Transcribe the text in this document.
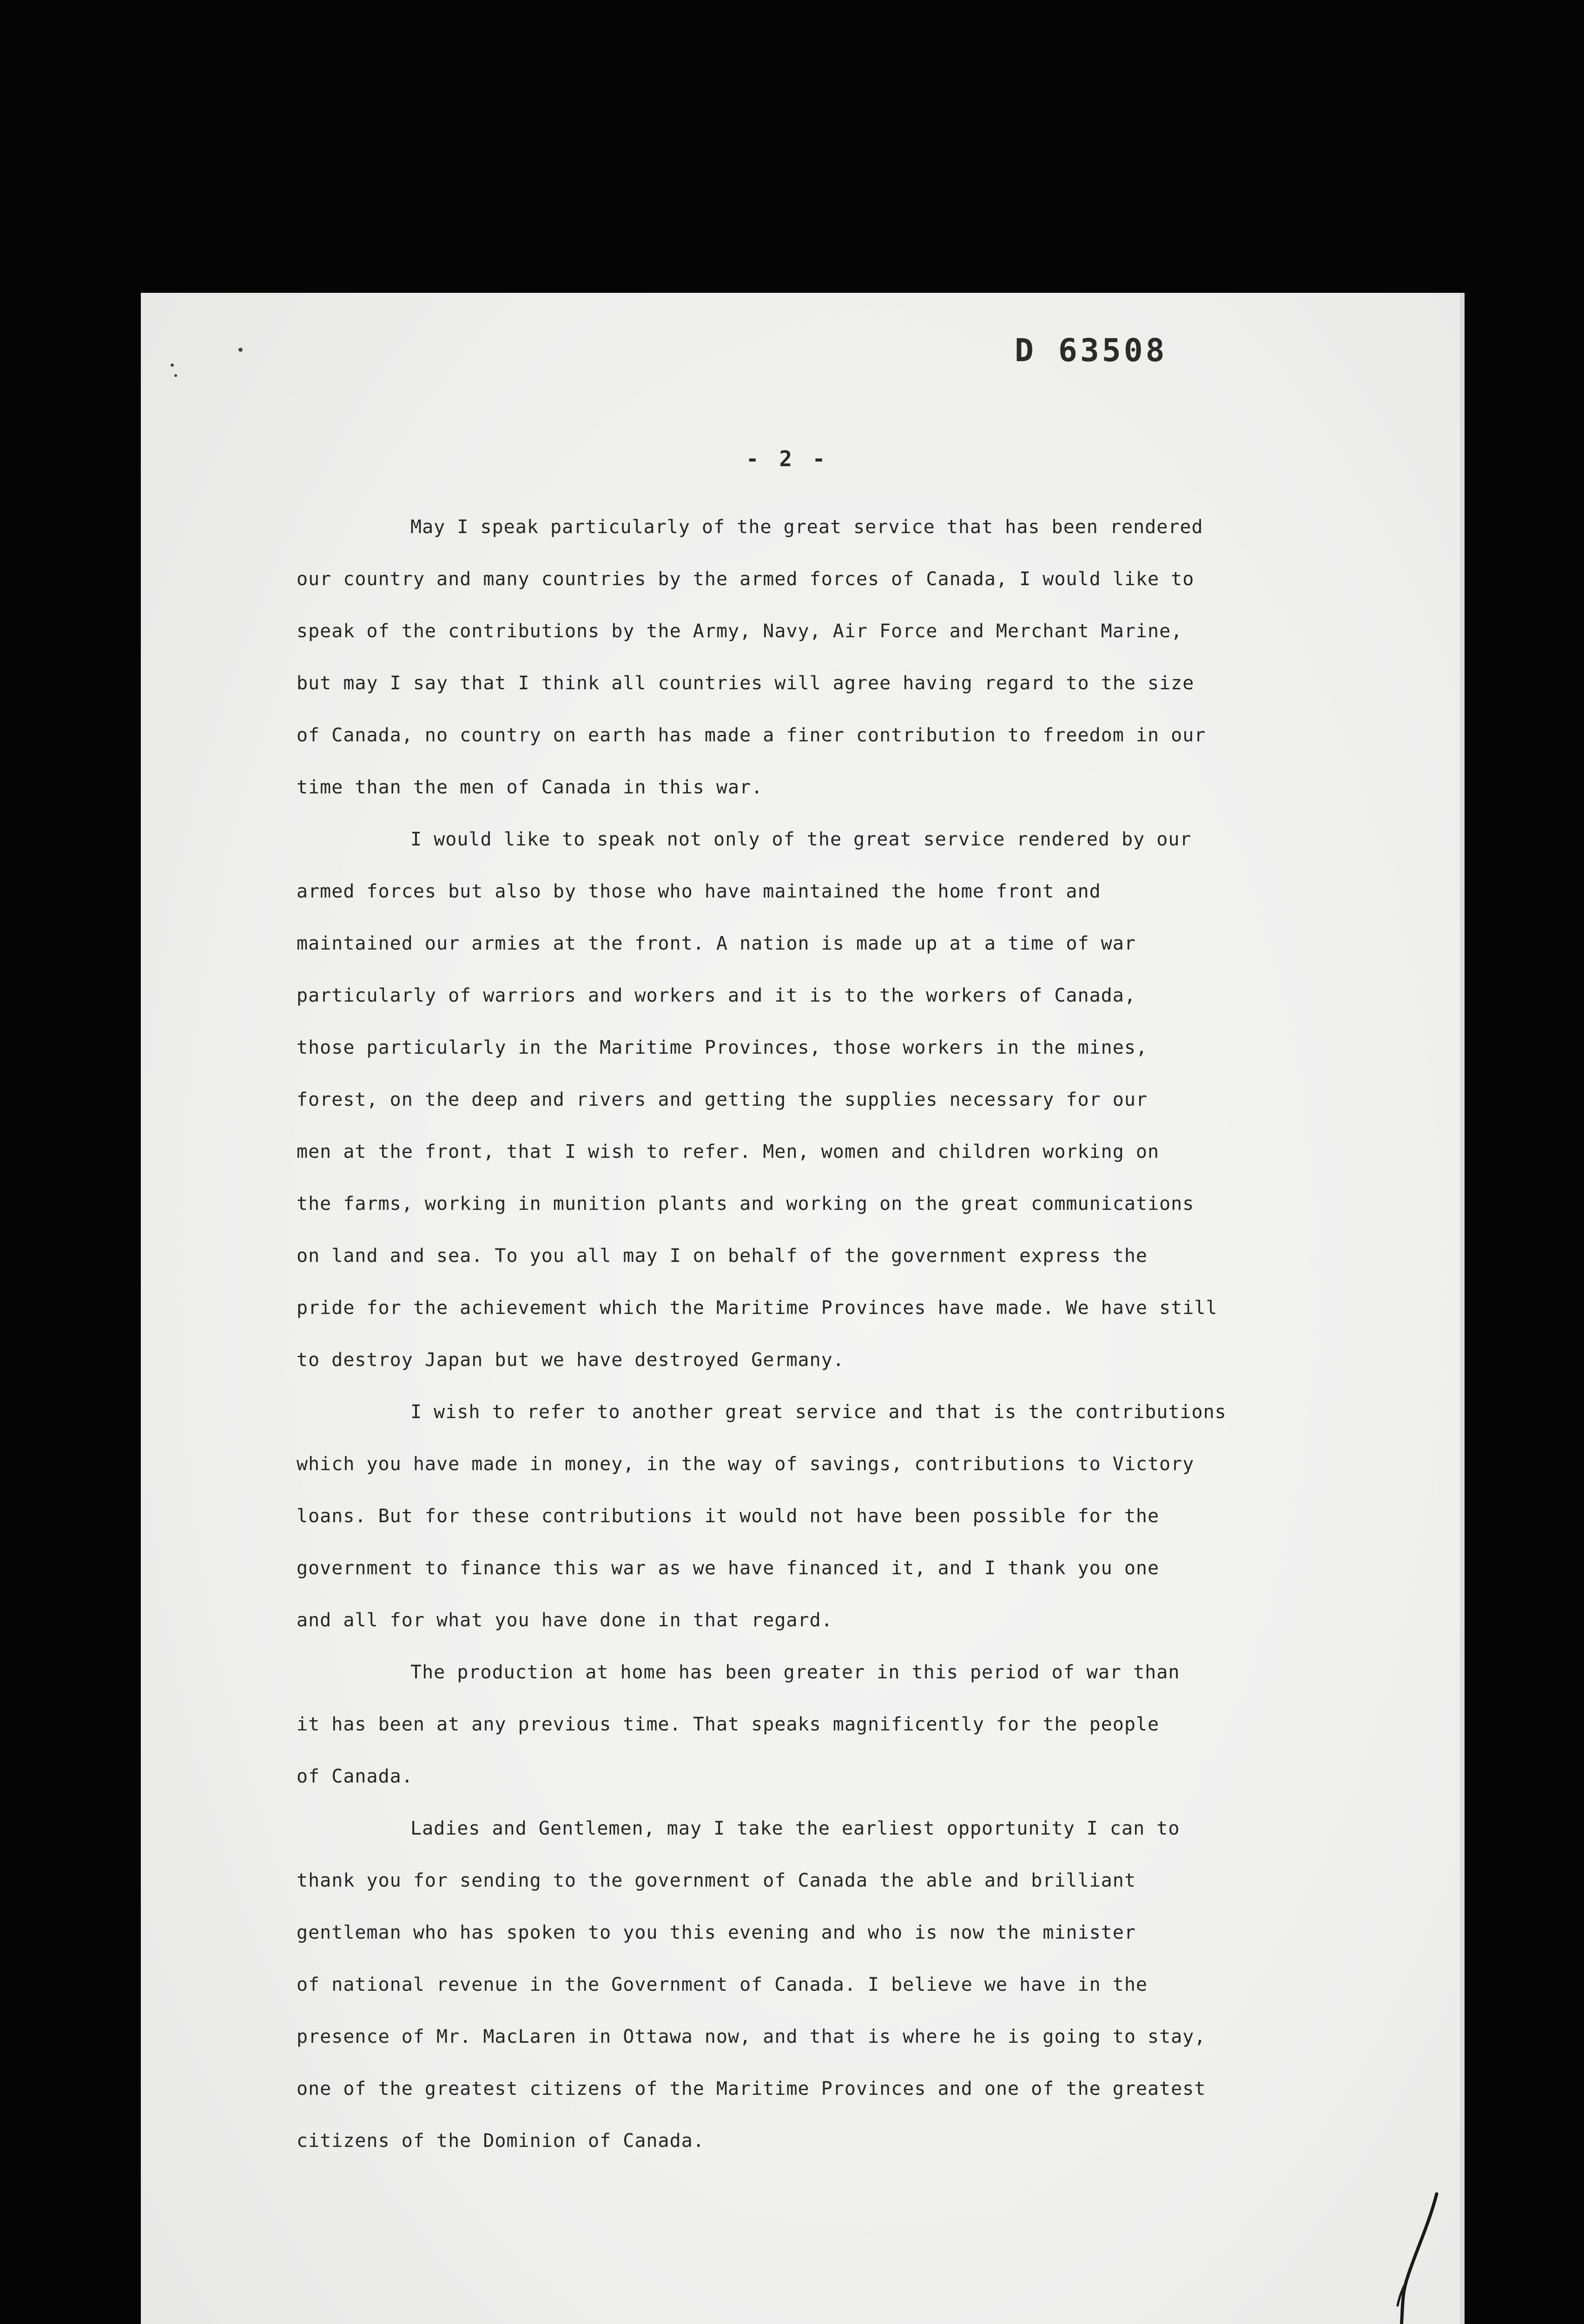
D 63508
- 2 -
May I speak particularly of the great service that has been rendered
our country and many countries by the armed forces of Canada, I would like to
speak of the contributions by the Army, Navy, Air Force and Merchant Marine,
but may I say that I think all countries will agree having regard to the size
of Canada, no country on earth has made a finer contribution to freedom in our
time than the men of Canada in this war.
I would like to speak not only of the great service rendered by our
armed forces but also by those who have maintained the home front and
maintained our armies at the front. A nation is made up at a time of war
particularly of warriors and workers and it is to the workers of Canada,
those particularly in the Maritime Provinces, those workers in the mines,
forest, on the deep and rivers and getting the supplies necessary for our
men at the front, that I wish to refer. Men, women and children working on
the farms, working in munition plants and working on the great communications
on land and sea. To you all may I on behalf of the government express the
pride for the achievement which the Maritime Provinces have made. We have still
to destroy Japan but we have destroyed Germany.
I wish to refer to another great service and that is the contributions
which you have made in money, in the way of savings, contributions to Victory
loans. But for these contributions it would not have been possible for the
government to finance this war as we have financed it, and I thank you one
and all for what you have done in that regard.
The production at home has been greater in this period of war than
it has been at any previous time. That speaks magnificently for the people
of Canada.
Ladies and Gentlemen, may I take the earliest opportunity I can to
thank you for sending to the government of Canada the able and brilliant
gentleman who has spoken to you this evening and who is now the minister
of national revenue in the Government of Canada. I believe we have in the
presence of Mr. MacLaren in Ottawa now, and that is where he is going to stay,
one of the greatest citizens of the Maritime Provinces and one of the greatest
citizens of the Dominion of Canada.
